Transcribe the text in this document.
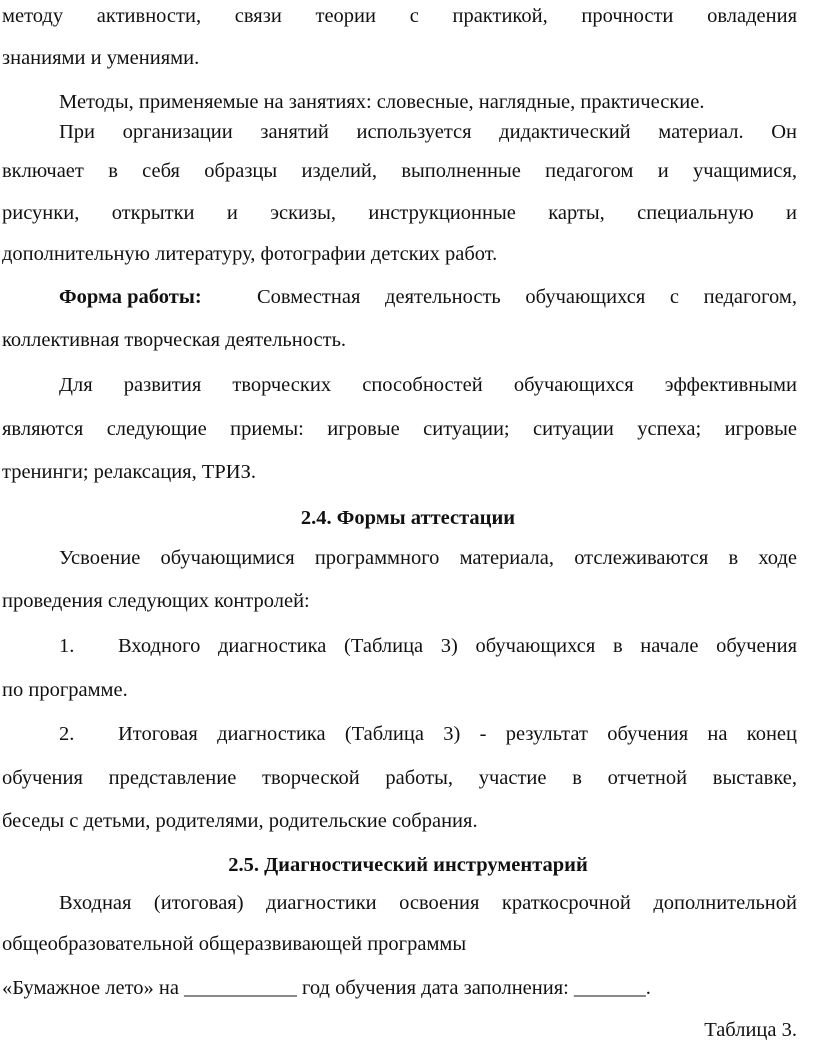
методу активности, связи теории с практикой, прочности овладения
знаниями и умениями.
Методы, применяемые на занятиях: словесные, наглядные, практические.
При организации занятий используется дидактический материал. Он
включает в себя образцы изделий, выполненные педагогом и учащимися,
рисунки, открытки и эскизы, инструкционные карты, специальную и
дополнительную литературу, фотографии детских работ.
Форма работы:	Совместная деятельность обучающихся с педагогом,
коллективная творческая деятельность.
Для развития творческих способностей обучающихся эффективными
являются следующие приемы: игровые ситуации; ситуации успеха; игровые
тренинги; релаксация, ТРИЗ.
2.4. Формы аттестации
Усвоение обучающимися программного материала, отслеживаются в ходе
проведения следующих контролей:
1. Входного диагностика (Таблица 3) обучающихся в начале обучения
по программе.
2. Итоговая диагностика (Таблица 3) - результат обучения на конец
обучения представление творческой работы, участие в отчетной выставке,
беседы с детьми, родителями, родительские собрания.
2.5. Диагностический инструментарий
Входная (итоговая) диагностики освоения краткосрочной дополнительной
общеобразовательной общеразвивающей программы
«Бумажное лето» на ___________ год обучения дата заполнения: _______.
Таблица 3.
